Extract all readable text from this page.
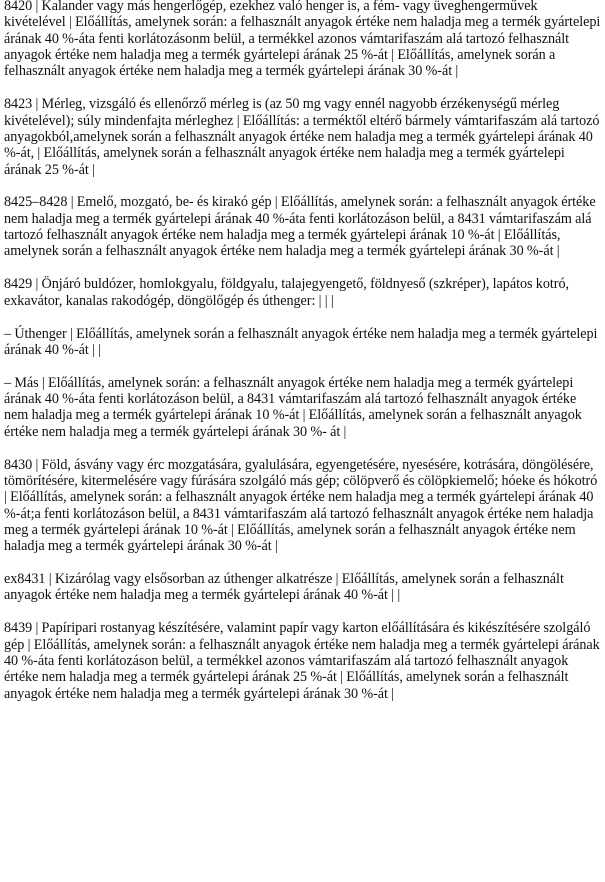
8420 | Kalander vagy más hengerlőgép, ezekhez való henger is, a fém- vagy üveghengerművek kivételével | Előállítás, amelynek során: a felhasznált anyagok értéke nem haladja meg a termék gyártelepi árának 40 %-áta fenti korlátozásonm belül, a termékkel azonos vámtarifaszám alá tartozó felhasznált anyagok értéke nem haladja meg a termék gyártelepi árának 25 %-át | Előállítás, amelynek során a felhasznált anyagok értéke nem haladja meg a termék gyártelepi árának 30 %-át |

8423 | Mérleg, vizsgáló és ellenőrző mérleg is (az 50 mg vagy ennél nagyobb érzékenységű mérleg kivételével); súly mindenfajta mérleghez | Előállítás: a terméktől eltérő bármely vámtarifaszám alá tartozó anyagokból,amelynek során a felhasznált anyagok értéke nem haladja meg a termék gyártelepi árának 40 %-át, | Előállítás, amelynek során a felhasznált anyagok értéke nem haladja meg a termék gyártelepi árának 25 %-át |

8425–8428 | Emelő, mozgató, be- és kirakó gép | Előállítás, amelynek során: a felhasznált anyagok értéke nem haladja meg a termék gyártelepi árának 40 %-áta fenti korlátozáson belül, a 8431 vámtarifaszám alá tartozó felhasznált anyagok értéke nem haladja meg a termék gyártelepi árának 10 %-át | Előállítás, amelynek során a felhasznált anyagok értéke nem haladja meg a termék gyártelepi árának 30 %-át |

8429 | Önjáró buldózer, homlokgyalu, földgyalu, talajegyengető, földnyeső (szkréper), lapátos kotró, exkavátor, kanalas rakodógép, döngölőgép és úthenger: | | |

– Úthenger | Előállítás, amelynek során a felhasznált anyagok értéke nem haladja meg a termék gyártelepi árának 40 %-át | |

– Más | Előállítás, amelynek során: a felhasznált anyagok értéke nem haladja meg a termék gyártelepi árának 40 %-áta fenti korlátozáson belül, a 8431 vámtarifaszám alá tartozó felhasznált anyagok értéke nem haladja meg a termék gyártelepi árának 10 %-át | Előállítás, amelynek során a felhasznált anyagok értéke nem haladja meg a termék gyártelepi árának 30 %- át |

8430 | Föld, ásvány vagy érc mozgatására, gyalulására, egyengetésére, nyesésére, kotrására, döngölésére, tömörítésére, kitermelésére vagy fúrására szolgáló más gép; cölöpverő és cölöpkiemelő; hóeke és hókotró | Előállítás, amelynek során: a felhasznált anyagok értéke nem haladja meg a termék gyártelepi árának 40 %-át;a fenti korlátozáson belül, a 8431 vámtarifaszám alá tartozó felhasznált anyagok értéke nem haladja meg a termék gyártelepi árának 10 %-át | Előállítás, amelynek során a felhasznált anyagok értéke nem haladja meg a termék gyártelepi árának 30 %-át |

ex8431 | Kizárólag vagy elsősorban az úthenger alkatrésze | Előállítás, amelynek során a felhasznált anyagok értéke nem haladja meg a termék gyártelepi árának 40 %-át | |

8439 | Papíripari rostanyag készítésére, valamint papír vagy karton előállítására és kikészítésére szolgáló gép | Előállítás, amelynek során: a felhasznált anyagok értéke nem haladja meg a termék gyártelepi árának 40 %-áta fenti korlátozáson belül, a termékkel azonos vámtarifaszám alá tartozó felhasznált anyagok értéke nem haladja meg a termék gyártelepi árának 25 %-át | Előállítás, amelynek során a felhasznált anyagok értéke nem haladja meg a termék gyártelepi árának 30 %-át |
